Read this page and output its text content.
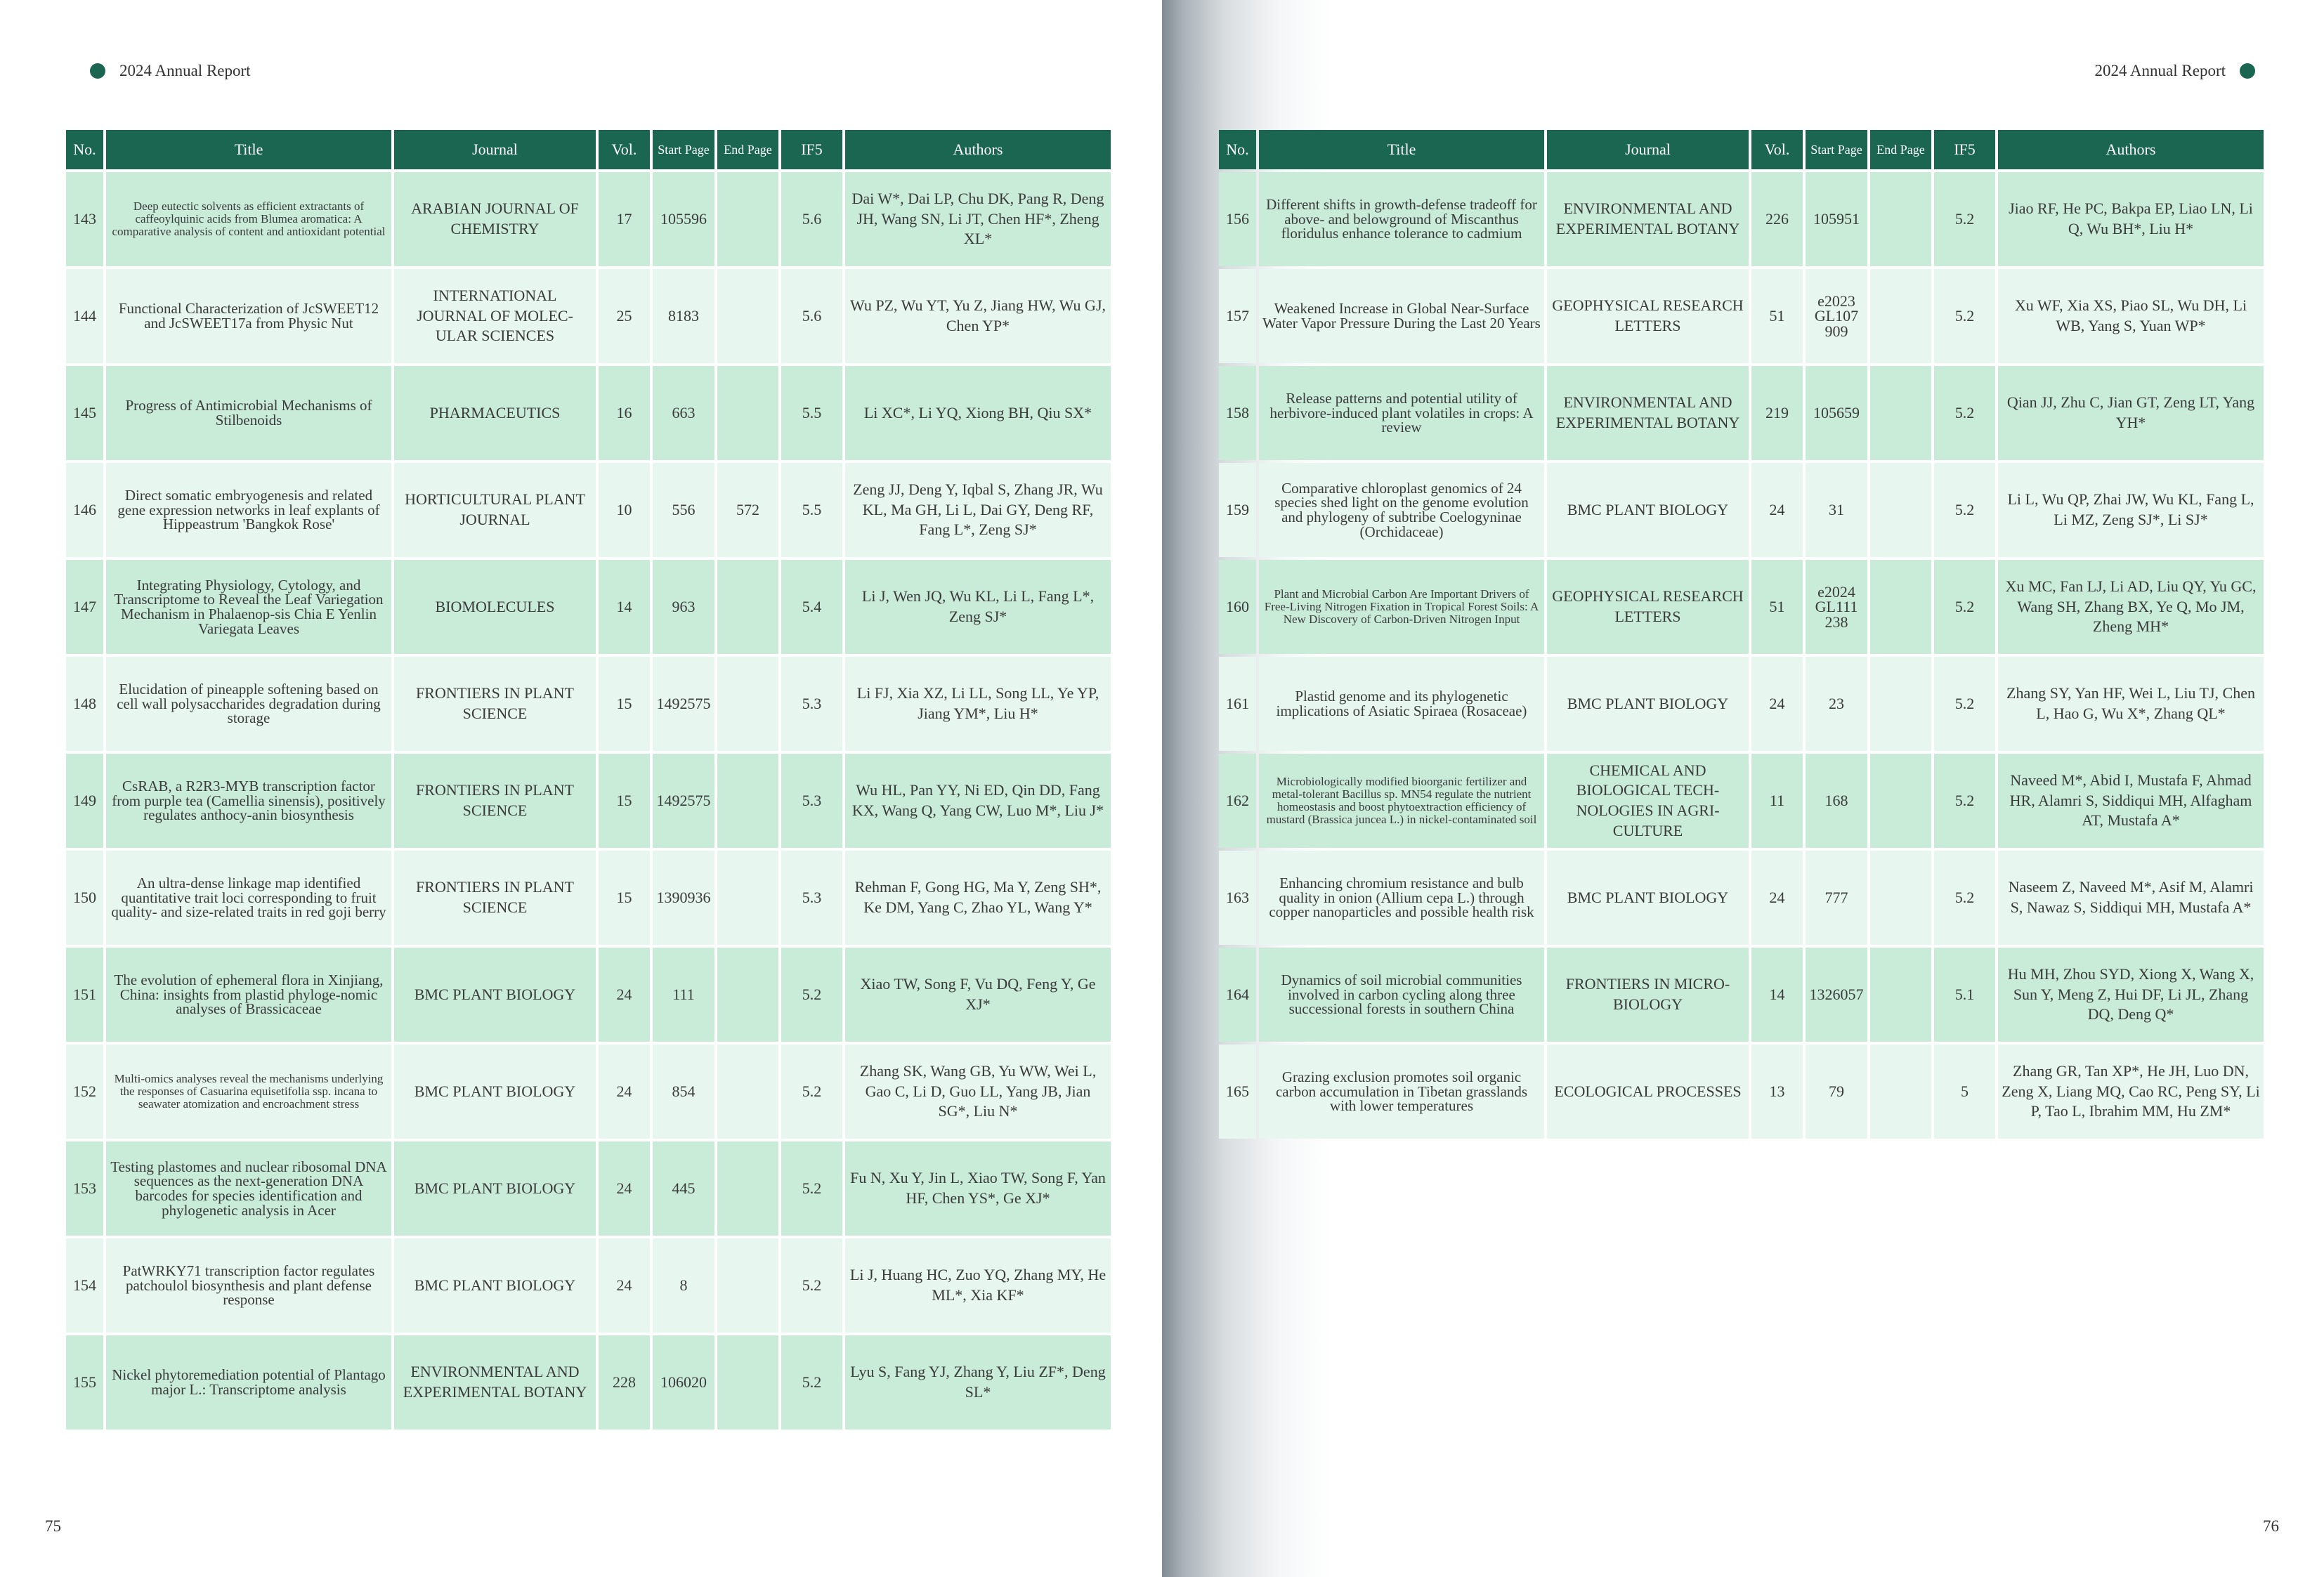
2024 Annual Report
No.	Title	Journal	Vol.	Start Page	End Page	IF5	Authors
143	Deep eutectic solvents as efficient extractants of caffeoylquinic acids from Blumea aromatica: A comparative analysis of content and antioxidant potential	ARABIAN JOURNAL OF CHEMISTRY	17	105596		5.6	Dai W*, Dai LP, Chu DK, Pang R, Deng JH, Wang SN, Li JT, Chen HF*, Zheng XL*
144	Functional Characterization of JcSWEET12 and JcSWEET17a from Physic Nut	INTERNATIONAL JOURNAL OF MOLEC-ULAR SCIENCES	25	8183		5.6	Wu PZ, Wu YT, Yu Z, Jiang HW, Wu GJ, Chen YP*
145	Progress of Antimicrobial Mechanisms of Stilbenoids	PHARMACEUTICS	16	663		5.5	Li XC*, Li YQ, Xiong BH, Qiu SX*
146	Direct somatic embryogenesis and related gene expression networks in leaf explants of Hippeastrum 'Bangkok Rose'	HORTICULTURAL PLANT JOURNAL	10	556	572	5.5	Zeng JJ, Deng Y, Iqbal S, Zhang JR, Wu KL, Ma GH, Li L, Dai GY, Deng RF, Fang L*, Zeng SJ*
147	Integrating Physiology, Cytology, and Transcriptome to Reveal the Leaf Variegation Mechanism in Phalaenop-sis Chia E Yenlin Variegata Leaves	BIOMOLECULES	14	963		5.4	Li J, Wen JQ, Wu KL, Li L, Fang L*, Zeng SJ*
148	Elucidation of pineapple softening based on cell wall polysaccharides degradation during storage	FRONTIERS IN PLANT SCIENCE	15	1492575		5.3	Li FJ, Xia XZ, Li LL, Song LL, Ye YP, Jiang YM*, Liu H*
149	CsRAB, a R2R3-MYB transcription factor from purple tea (Camellia sinensis), positively regulates anthocy-anin biosynthesis	FRONTIERS IN PLANT SCIENCE	15	1492575		5.3	Wu HL, Pan YY, Ni ED, Qin DD, Fang KX, Wang Q, Yang CW, Luo M*, Liu J*
150	An ultra-dense linkage map identified quantitative trait loci corresponding to fruit quality- and size-related traits in red goji berry	FRONTIERS IN PLANT SCIENCE	15	1390936		5.3	Rehman F, Gong HG, Ma Y, Zeng SH*, Ke DM, Yang C, Zhao YL, Wang Y*
151	The evolution of ephemeral flora in Xinjiang, China: insights from plastid phyloge-nomic analyses of Brassicaceae	BMC PLANT BIOLOGY	24	111		5.2	Xiao TW, Song F, Vu DQ, Feng Y, Ge XJ*
152	Multi-omics analyses reveal the mechanisms underlying the responses of Casuarina equisetifolia ssp. incana to seawater atomization and encroachment stress	BMC PLANT BIOLOGY	24	854		5.2	Zhang SK, Wang GB, Yu WW, Wei L, Gao C, Li D, Guo LL, Yang JB, Jian SG*, Liu N*
153	Testing plastomes and nuclear ribosomal DNA sequences as the next-generation DNA barcodes for species identification and phylogenetic analysis in Acer	BMC PLANT BIOLOGY	24	445		5.2	Fu N, Xu Y, Jin L, Xiao TW, Song F, Yan HF, Chen YS*, Ge XJ*
154	PatWRKY71 transcription factor regulates patchoulol biosynthesis and plant defense response	BMC PLANT BIOLOGY	24	8		5.2	Li J, Huang HC, Zuo YQ, Zhang MY, He ML*, Xia KF*
155	Nickel phytoremediation potential of Plantago major L.: Transcriptome analysis	ENVIRONMENTAL AND EXPERIMENTAL BOTANY	228	106020		5.2	Lyu S, Fang YJ, Zhang Y, Liu ZF*, Deng SL*
75
2024 Annual Report
No.	Title	Journal	Vol.	Start Page	End Page	IF5	Authors
156	Different shifts in growth-defense tradeoff for above- and belowground of Miscanthus floridulus enhance tolerance to cadmium	ENVIRONMENTAL AND EXPERIMENTAL BOTANY	226	105951		5.2	Jiao RF, He PC, Bakpa EP, Liao LN, Li Q, Wu BH*, Liu H*
157	Weakened Increase in Global Near-Surface Water Vapor Pressure During the Last 20 Years	GEOPHYSICAL RESEARCH LETTERS	51	e2023 GL107 909		5.2	Xu WF, Xia XS, Piao SL, Wu DH, Li WB, Yang S, Yuan WP*
158	Release patterns and potential utility of herbivore-induced plant volatiles in crops: A review	ENVIRONMENTAL AND EXPERIMENTAL BOTANY	219	105659		5.2	Qian JJ, Zhu C, Jian GT, Zeng LT, Yang YH*
159	Comparative chloroplast genomics of 24 species shed light on the genome evolution and phylogeny of subtribe Coelogyninae (Orchidaceae)	BMC PLANT BIOLOGY	24	31		5.2	Li L, Wu QP, Zhai JW, Wu KL, Fang L, Li MZ, Zeng SJ*, Li SJ*
160	Plant and Microbial Carbon Are Important Drivers of Free-Living Nitrogen Fixation in Tropical Forest Soils: A New Discovery of Carbon-Driven Nitrogen Input	GEOPHYSICAL RESEARCH LETTERS	51	e2024 GL111 238		5.2	Xu MC, Fan LJ, Li AD, Liu QY, Yu GC, Wang SH, Zhang BX, Ye Q, Mo JM, Zheng MH*
161	Plastid genome and its phylogenetic implications of Asiatic Spiraea (Rosaceae)	BMC PLANT BIOLOGY	24	23		5.2	Zhang SY, Yan HF, Wei L, Liu TJ, Chen L, Hao G, Wu X*, Zhang QL*
162	Microbiologically modified bioorganic fertilizer and metal-tolerant Bacillus sp. MN54 regulate the nutrient homeostasis and boost phytoextraction efficiency of mustard (Brassica juncea L.) in nickel-contaminated soil	CHEMICAL AND BIOLOGICAL TECH-NOLOGIES IN AGRI-CULTURE	11	168		5.2	Naveed M*, Abid I, Mustafa F, Ahmad HR, Alamri S, Siddiqui MH, Alfagham AT, Mustafa A*
163	Enhancing chromium resistance and bulb quality in onion (Allium cepa L.) through copper nanoparticles and possible health risk	BMC PLANT BIOLOGY	24	777		5.2	Naseem Z, Naveed M*, Asif M, Alamri S, Nawaz S, Siddiqui MH, Mustafa A*
164	Dynamics of soil microbial communities involved in carbon cycling along three successional forests in southern China	FRONTIERS IN MICRO-BIOLOGY	14	1326057		5.1	Hu MH, Zhou SYD, Xiong X, Wang X, Sun Y, Meng Z, Hui DF, Li JL, Zhang DQ, Deng Q*
165	Grazing exclusion promotes soil organic carbon accumulation in Tibetan grasslands with lower temperatures	ECOLOGICAL PROCESSES	13	79		5	Zhang GR, Tan XP*, He JH, Luo DN, Zeng X, Liang MQ, Cao RC, Peng SY, Li P, Tao L, Ibrahim MM, Hu ZM*
76
